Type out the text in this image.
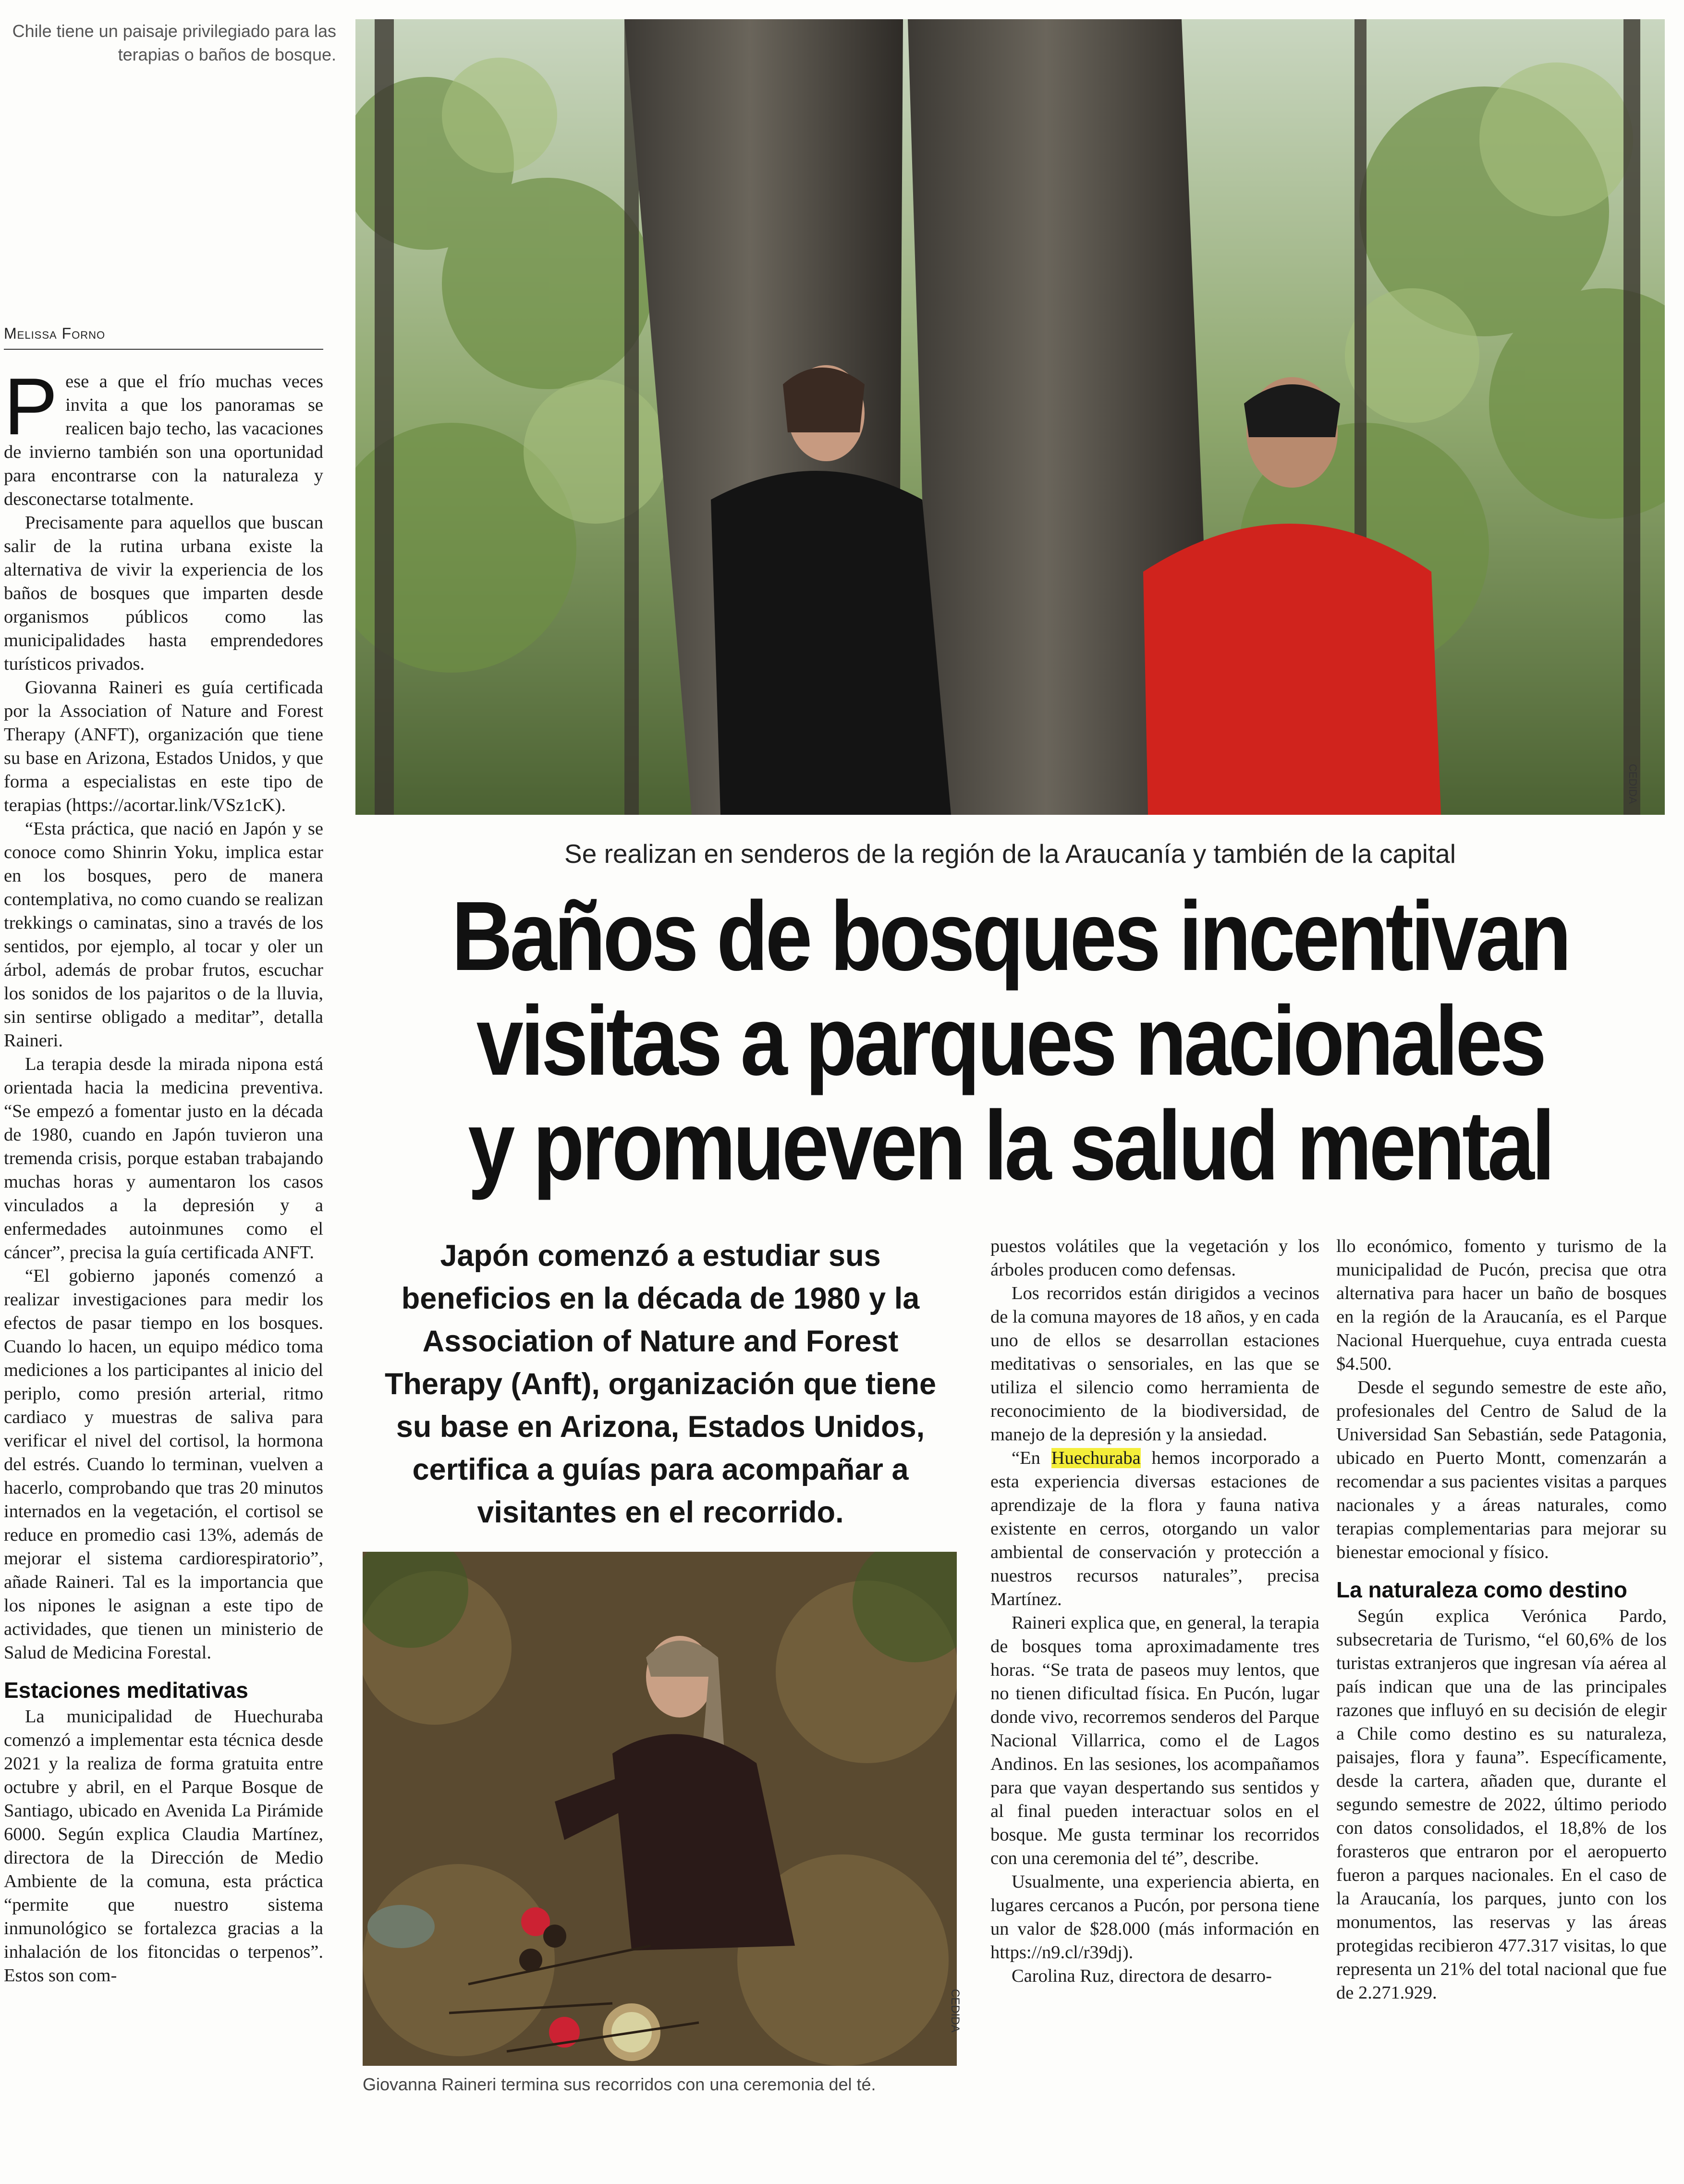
Chile tiene un paisaje privilegiado para las terapias o baños de bosque.
Melissa Forno
CEDIDA
Se realizan en senderos de la región de la Araucanía y también de la capital
Baños de bosques incentivan visitas a parques nacionales y promueven la salud mental
Japón comenzó a estudiar sus beneficios en la década de 1980 y la Association of Nature and Forest Therapy (Anft), organización que tiene su base en Arizona, Estados Unidos, certifica a guías para acompañar a visitantes en el recorrido.

Pese a que el frío muchas veces invita a que los panoramas se realicen bajo techo, las vacaciones de invierno también son una oportunidad para encontrarse con la naturaleza y desconectarse totalmente.

Precisamente para aquellos que buscan salir de la rutina urbana existe la alternativa de vivir la experiencia de los baños de bosques que imparten desde organismos públicos como las municipalidades hasta emprendedores turísticos privados.

Giovanna Raineri es guía certificada por la Association of Nature and Forest Therapy (ANFT), organización que tiene su base en Arizona, Estados Unidos, y que forma a especialistas en este tipo de terapias (https://acortar.link/VSz1cK).

“Esta práctica, que nació en Japón y se conoce como Shinrin Yoku, implica estar en los bosques, pero de manera contemplativa, no como cuando se realizan trekkings o caminatas, sino a través de los sentidos, por ejemplo, al tocar y oler un árbol, además de probar frutos, escuchar los sonidos de los pajaritos o de la lluvia, sin sentirse obligado a meditar”, detalla Raineri.

La terapia desde la mirada nipona está orientada hacia la medicina preventiva. “Se empezó a fomentar justo en la década de 1980, cuando en Japón tuvieron una tremenda crisis, porque estaban trabajando muchas horas y aumentaron los casos vinculados a la depresión y a enfermedades autoinmunes como el cáncer”, precisa la guía certificada ANFT.

“El gobierno japonés comenzó a realizar investigaciones para medir los efectos de pasar tiempo en los bosques. Cuando lo hacen, un equipo médico toma mediciones a los participantes al inicio del periplo, como presión arterial, ritmo cardiaco y muestras de saliva para verificar el nivel del cortisol, la hormona del estrés. Cuando lo terminan, vuelven a hacerlo, comprobando que tras 20 minutos internados en la vegetación, el cortisol se reduce en promedio casi 13%, además de mejorar el sistema cardiorespiratorio”, añade Raineri. Tal es la importancia que los nipones le asignan a este tipo de actividades, que tienen un ministerio de Salud de Medicina Forestal.

Estaciones meditativas

La municipalidad de Huechuraba comenzó a implementar esta técnica desde 2021 y la realiza de forma gratuita entre octubre y abril, en el Parque Bosque de Santiago, ubicado en Avenida La Pirámide 6000. Según explica Claudia Martínez, directora de la Dirección de Medio Ambiente de la comuna, esta práctica “permite que nuestro sistema inmunológico se fortalezca gracias a la inhalación de los fitoncidas o terpenos”. Estos son com-

puestos volátiles que la vegetación y los árboles producen como defensas.

Los recorridos están dirigidos a vecinos de la comuna mayores de 18 años, y en cada uno de ellos se desarrollan estaciones meditativas o sensoriales, en las que se utiliza el silencio como herramienta de reconocimiento de la biodiversidad, de manejo de la depresión y la ansiedad.

“En Huechuraba hemos incorporado a esta experiencia diversas estaciones de aprendizaje de la flora y fauna nativa existente en cerros, otorgando un valor ambiental de conservación y protección a nuestros recursos naturales”, precisa Martínez.

Raineri explica que, en general, la terapia de bosques toma aproximadamente tres horas. “Se trata de paseos muy lentos, que no tienen dificultad física. En Pucón, lugar donde vivo, recorremos senderos del Parque Nacional Villarrica, como el de Lagos Andinos. En las sesiones, los acompañamos para que vayan despertando sus sentidos y al final pueden interactuar solos en el bosque. Me gusta terminar los recorridos con una ceremonia del té”, describe.

Usualmente, una experiencia abierta, en lugares cercanos a Pucón, por persona tiene un valor de $28.000 (más información en https://n9.cl/r39dj).

Carolina Ruz, directora de desarro-

llo económico, fomento y turismo de la municipalidad de Pucón, precisa que otra alternativa para hacer un baño de bosques en la región de la Araucanía, es el Parque Nacional Huerquehue, cuya entrada cuesta $4.500.

Desde el segundo semestre de este año, profesionales del Centro de Salud de la Universidad San Sebastián, sede Patagonia, ubicado en Puerto Montt, comenzarán a recomendar a sus pacientes visitas a parques nacionales y a áreas naturales, como terapias complementarias para mejorar su bienestar emocional y físico.

La naturaleza como destino

Según explica Verónica Pardo, subsecretaria de Turismo, “el 60,6% de los turistas extranjeros que ingresan vía aérea al país indican que una de las principales razones que influyó en su decisión de elegir a Chile como destino es su naturaleza, paisajes, flora y fauna”. Específicamente, desde la cartera, añaden que, durante el segundo semestre de 2022, último periodo con datos consolidados, el 18,8% de los forasteros que entraron por el aeropuerto fueron a parques nacionales. En el caso de la Araucanía, los parques, junto con los monumentos, las reservas y las áreas protegidas recibieron 477.317 visitas, lo que representa un 21% del total nacional que fue de 2.271.929.

CEDIDA
Giovanna Raineri termina sus recorridos con una ceremonia del té.
